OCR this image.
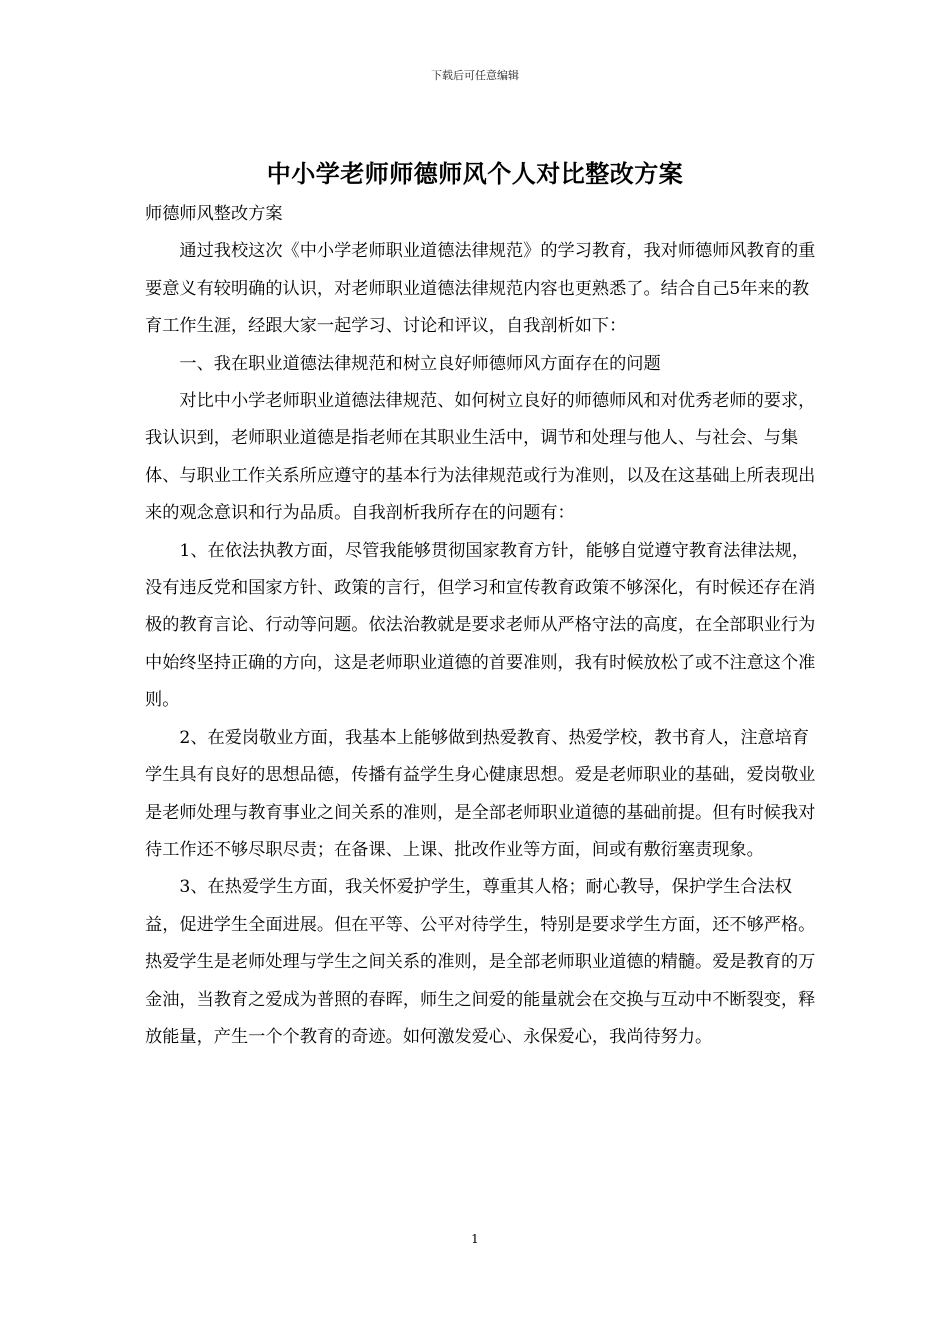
下载后可任意编辑
中小学老师师德师风个人对比整改方案

师德师风整改方案

通过我校这次《中小学老师职业道德法律规范》的学习教育，我对师德师风教育的重要意义有较明确的认识，对老师职业道德法律规范内容也更熟悉了。结合自己5年来的教育工作生涯，经跟大家一起学习、讨论和评议，自我剖析如下：

一、我在职业道德法律规范和树立良好师德师风方面存在的问题

对比中小学老师职业道德法律规范、如何树立良好的师德师风和对优秀老师的要求，我认识到，老师职业道德是指老师在其职业生活中，调节和处理与他人、与社会、与集体、与职业工作关系所应遵守的基本行为法律规范或行为准则，以及在这基础上所表现出来的观念意识和行为品质。自我剖析我所存在的问题有：

1、在依法执教方面，尽管我能够贯彻国家教育方针，能够自觉遵守教育法律法规，没有违反党和国家方针、政策的言行，但学习和宣传教育政策不够深化，有时候还存在消极的教育言论、行动等问题。依法治教就是要求老师从严格守法的高度，在全部职业行为中始终坚持正确的方向，这是老师职业道德的首要准则，我有时候放松了或不注意这个准则。

2、在爱岗敬业方面，我基本上能够做到热爱教育、热爱学校，教书育人，注意培育学生具有良好的思想品德，传播有益学生身心健康思想。爱是老师职业的基础，爱岗敬业是老师处理与教育事业之间关系的准则，是全部老师职业道德的基础前提。但有时候我对待工作还不够尽职尽责；在备课、上课、批改作业等方面，间或有敷衍塞责现象。

3、在热爱学生方面，我关怀爱护学生，尊重其人格；耐心教导，保护学生合法权益，促进学生全面进展。但在平等、公平对待学生，特别是要求学生方面，还不够严格。热爱学生是老师处理与学生之间关系的准则，是全部老师职业道德的精髓。爱是教育的万金油，当教育之爱成为普照的春晖，师生之间爱的能量就会在交换与互动中不断裂变，释放能量，产生一个个教育的奇迹。如何激发爱心、永保爱心，我尚待努力。

1
